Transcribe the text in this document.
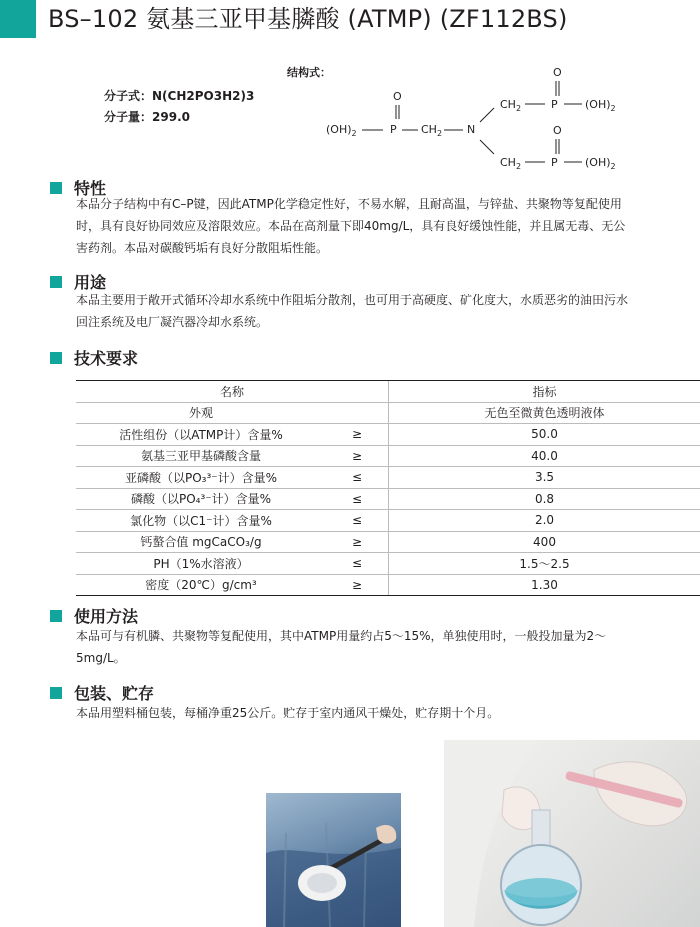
BS–102 氨基三亚甲基膦酸 (ATMP) (ZF112BS)
分子式：N(CH2PO3H2)3
分子量：299.0
结构式：
O
$(OH)_2$	P $CH_2$ N
O
$CH_2$	P $(OH)_2$
O
$CH_2$	P $(OH)_2$
特性
本品分子结构中有C–P键，因此ATMP化学稳定性好，不易水解，且耐高温，与锌盐、共聚物等复配使用
时，具有良好协同效应及溶限效应。本品在高剂量下即40mg/L，具有良好缓蚀性能，并且属无毒、无公
害药剂。本品对碳酸钙垢有良好分散阻垢性能。
用途
本品主要用于敞开式循环冷却水系统中作阻垢分散剂，也可用于高硬度、矿化度大，水质恶劣的油田污水
回注系统及电厂凝汽器冷却水系统。
技术要求
名称		指标
外观		无色至微黄色透明液体
活性组份（以ATMP计）含量%	≥	50.0
氨基三亚甲基磷酸含量	≥	40.0
亚磷酸（以PO₃³⁻计）含量%	≤	3.5
磷酸（以PO₄³⁻计）含量%	≤	0.8
氯化物（以C1⁻计）含量%	≤	2.0
钙螯合值 mgCaCO₃/g	≥	400
PH（1%水溶液）	≤	1.5～2.5
密度（20℃）g/cm³	≥	1.30
使用方法
本品可与有机膦、共聚物等复配使用，其中ATMP用量约占5～15%，单独使用时，一般投加量为2～
5mg/L。
包装、贮存
本品用塑料桶包装，每桶净重25公斤。贮存于室内通风干燥处，贮存期十个月。
